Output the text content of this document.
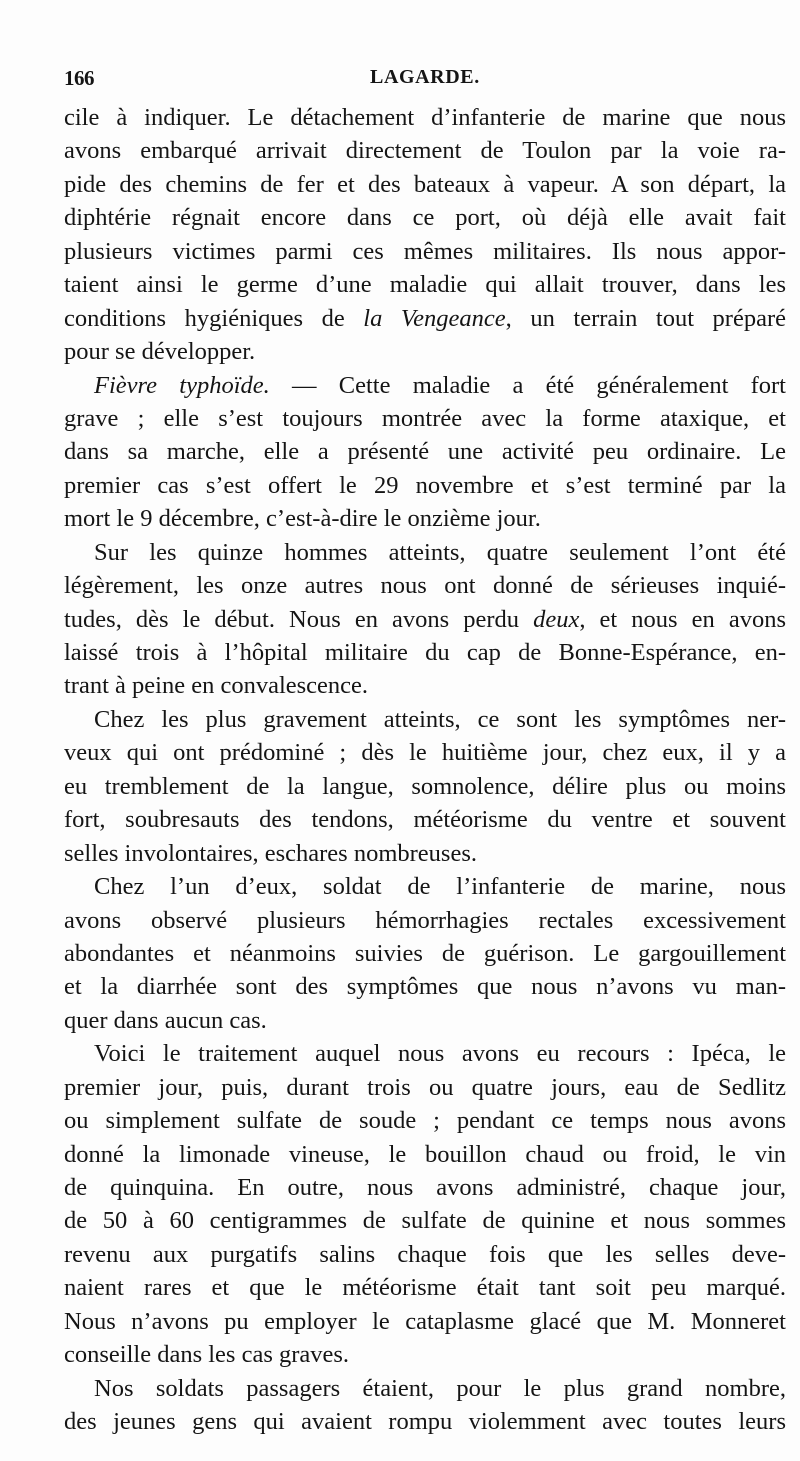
166	LAGARDE.
cile à indiquer. Le détachement d’infanterie de marine que nous
avons embarqué arrivait directement de Toulon par la voie ra-
pide des chemins de fer et des bateaux à vapeur. A son départ, la
diphtérie régnait encore dans ce port, où déjà elle avait fait
plusieurs victimes parmi ces mêmes militaires. Ils nous appor-
taient ainsi le germe d’une maladie qui allait trouver, dans les
conditions hygiéniques de la Vengeance, un terrain tout préparé
pour se développer.
Fièvre typhoïde. — Cette maladie a été généralement fort
grave ; elle s’est toujours montrée avec la forme ataxique, et
dans sa marche, elle a présenté une activité peu ordinaire. Le
premier cas s’est offert le 29 novembre et s’est terminé par la
mort le 9 décembre, c’est-à-dire le onzième jour.
Sur les quinze hommes atteints, quatre seulement l’ont été
légèrement, les onze autres nous ont donné de sérieuses inquié-
tudes, dès le début. Nous en avons perdu deux, et nous en avons
laissé trois à l’hôpital militaire du cap de Bonne-Espérance, en-
trant à peine en convalescence.
Chez les plus gravement atteints, ce sont les symptômes ner-
veux qui ont prédominé ; dès le huitième jour, chez eux, il y a
eu tremblement de la langue, somnolence, délire plus ou moins
fort, soubresauts des tendons, météorisme du ventre et souvent
selles involontaires, eschares nombreuses.
Chez l’un d’eux, soldat de l’infanterie de marine, nous
avons observé plusieurs hémorrhagies rectales excessivement
abondantes et néanmoins suivies de guérison. Le gargouillement
et la diarrhée sont des symptômes que nous n’avons vu man-
quer dans aucun cas.
Voici le traitement auquel nous avons eu recours : Ipéca, le
premier jour, puis, durant trois ou quatre jours, eau de Sedlitz
ou simplement sulfate de soude ; pendant ce temps nous avons
donné la limonade vineuse, le bouillon chaud ou froid, le vin
de quinquina. En outre, nous avons administré, chaque jour,
de 50 à 60 centigrammes de sulfate de quinine et nous sommes
revenu aux purgatifs salins chaque fois que les selles deve-
naient rares et que le météorisme était tant soit peu marqué.
Nous n’avons pu employer le cataplasme glacé que M. Monneret
conseille dans les cas graves.
Nos soldats passagers étaient, pour le plus grand nombre,
des jeunes gens qui avaient rompu violemment avec toutes leurs
